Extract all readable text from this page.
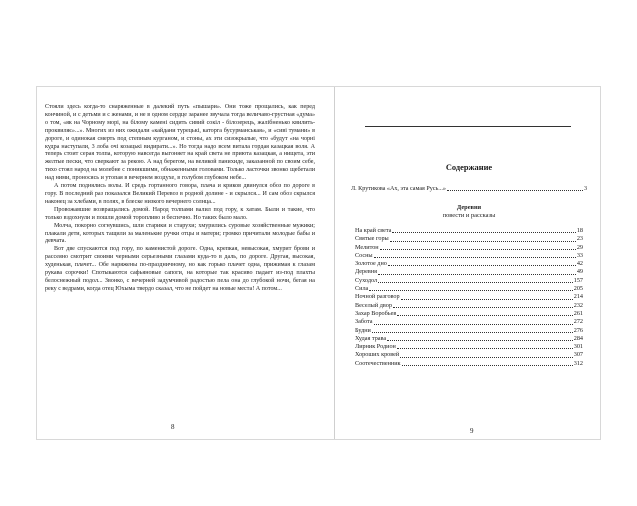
Стояли здесь когда-то снаряженные в далекий путь «пышари». Они тоже прощались, как перед кончиной, и с детьми и с женами, и не в одном сердце заранее звучала тогда величаво-грустная «дума» о том, «як на Чорному морi, на бiлому каменi сидить сивий сокiл - бiлозерець, жалiбненько квилить-проквиляє»...». Многих из них ожидали «кайдани турецькi, каторга бусурманськая», и «сивi тумани» в дороге, и одинокая смерть под степным курганом, и стоны, ах эти сизокрылые, что «будут «на чорнi кудра наступали, 3 лоба очi козацькi видирати...». Но тогда надо всем витала гордая казацкая воля. А теперь стоит серая толпа, которую навсегда выгоняет на край света не приюта казацкая, а нищета, эти желтые пески, что сверкают за рекою. А над берегом, на великой панихиде, заказанной по своим себе, тихо стоял народ на молебне с поникшими, обнаженными головами. Только ласточки звонко щебетали над ними, проносясь и утопая в вечернем воздухе, в голубом глубоком небе...

А потом поднялись волы. И средь гортанного говора, плача и криков двинулся обоз по дороге в гору. В последний раз показался Великий Перевоз в родной долине - и скрылся... И сам обоз скрылся наконец за хлебами, в полях, в блеске низкого вечернего солнца...

Провожавшие возвращались домой. Народ толпами валил под гору, к хатам. Были и такие, что только вздохнули и пошли домой торопливо и беспечно. Но таких было мало.

Молча, покорно согнувшись, шли старики и старухи; хмурились суровые хозяйственные мужики; плакали дети, которых тащили за маленькие ручки отцы и матери; громко причитали молодые бабы и девчата.

Вот две спускаются под гору, по каменистой дороге. Одна, крепкая, невысокая, хмурит брови и рассеяно смотрит своими черными серьезными глазами куда-то в даль, по дороге. Другая, высокая, худенькая, плачет... Обе наряжены по-праздничному, но как горько плачет одна, прижимая к глазам рукава сорочки! Спотыкаются сафьяновые сапоги, на которые так красиво падает из-под плахты белоснежный подол... Звонко, с вечерней задумчивой радостью пела она до глубокой ночи, бегая на реку с ведрами, когда отец Юхыма твердо сказал, что не пойдет на новые места! А потом...

8
Содержание
Л. Крутикова «Ах, эта самая Русь...»	3
Деревня
повести и рассказы
На край света	18
Святые горы	23
Мелитон	29
Сосны	33
Золотое дно	42
Деревня	49
Суходол	157
Сила	205
Ночной разговор	214
Веселый двор	232
Захар Воробьев	261
Забота	272
Будни	276
Худая трава	284
Лирник Родион	301
Хороших кровей	307
Соотечественник	312
9
